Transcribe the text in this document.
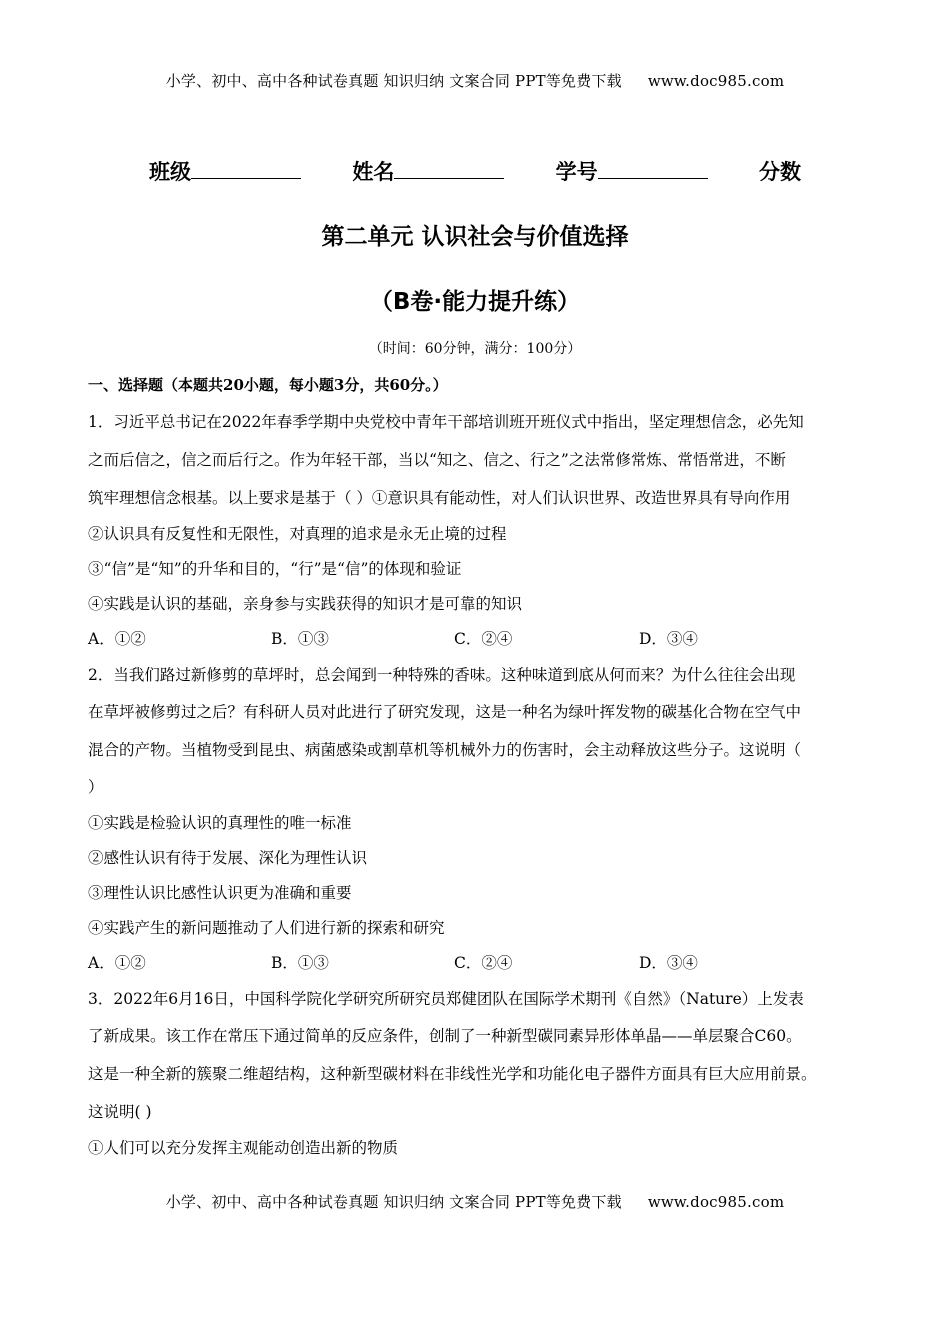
小学、初中、高中各种试卷真题 知识归纳 文案合同 PPT等免费下载 www.doc985.com
班级	姓名	学号	分数
第二单元 认识社会与价值选择
（B卷·能力提升练）
（时间：60分钟，满分：100分）
一、选择题（本题共20小题，每小题3分，共60分。）
1．习近平总书记在2022年春季学期中央党校中青年干部培训班开班仪式中指出，坚定理想信念，必先知
之而后信之，信之而后行之。作为年轻干部，当以“知之、信之、行之”之法常修常炼、常悟常进，不断
筑牢理想信念根基。以上要求是基于（ ）①意识具有能动性，对人们认识世界、改造世界具有导向作用
②认识具有反复性和无限性，对真理的追求是永无止境的过程
③“信”是“知”的升华和目的，“行”是“信”的体现和验证
④实践是认识的基础，亲身参与实践获得的知识才是可靠的知识
A．①②	B．①③	C．②④	D．③④
2．当我们路过新修剪的草坪时，总会闻到一种特殊的香味。这种味道到底从何而来？为什么往往会出现
在草坪被修剪过之后？有科研人员对此进行了研究发现，这是一种名为绿叶挥发物的碳基化合物在空气中
混合的产物。当植物受到昆虫、病菌感染或割草机等机械外力的伤害时，会主动释放这些分子。这说明（
）
①实践是检验认识的真理性的唯一标准
②感性认识有待于发展、深化为理性认识
③理性认识比感性认识更为准确和重要
④实践产生的新问题推动了人们进行新的探索和研究
A．①②	B．①③	C．②④	D．③④
3．2022年6月16日，中国科学院化学研究所研究员郑健团队在国际学术期刊《自然》（Nature）上发表
了新成果。该工作在常压下通过简单的反应条件，创制了一种新型碳同素异形体单晶——单层聚合C60。
这是一种全新的簇聚二维超结构，这种新型碳材料在非线性光学和功能化电子器件方面具有巨大应用前景。
这说明( )
①人们可以充分发挥主观能动创造出新的物质
小学、初中、高中各种试卷真题 知识归纳 文案合同 PPT等免费下载 www.doc985.com
